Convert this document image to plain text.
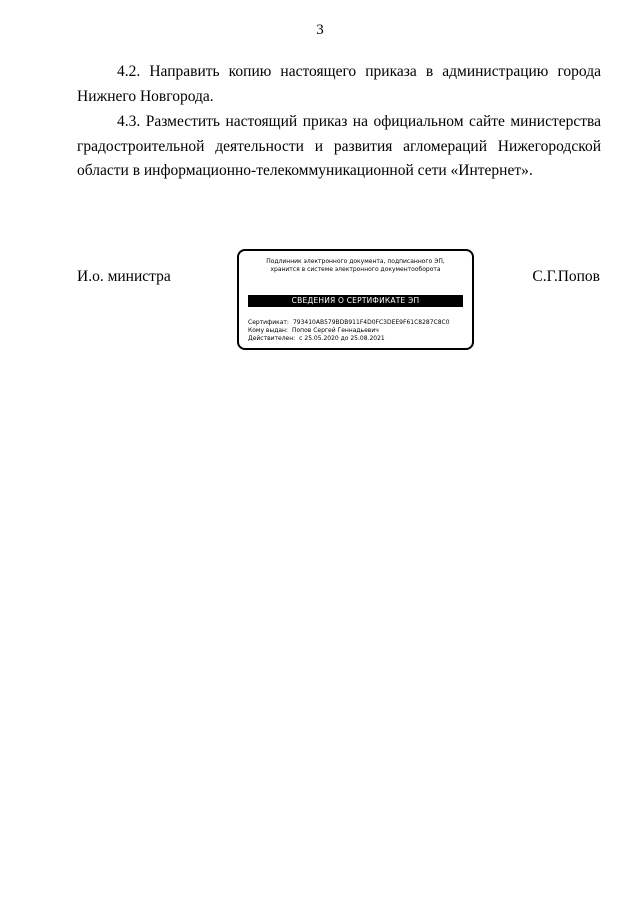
3

4.2. Направить копию настоящего приказа в администрацию города Нижнего Новгорода.

4.3. Разместить настоящий приказ на официальном сайте министерства градостроительной деятельности и развития агломераций Нижегородской области в информационно-телекоммуникационной сети «Интернет».

И.о. министра	С.Г.Попов
Подлинник электронного документа, подписанного ЭП,
хранится в системе электронного документооборота
СВЕДЕНИЯ О СЕРТИФИКАТЕ ЭП
Сертификат: 793410AB579BDB911F4D0FC3DEE9F61C8287C8C0
Кому выдан: Попов Сергей Геннадьевич
Действителен: с 25.05.2020 до 25.08.2021
